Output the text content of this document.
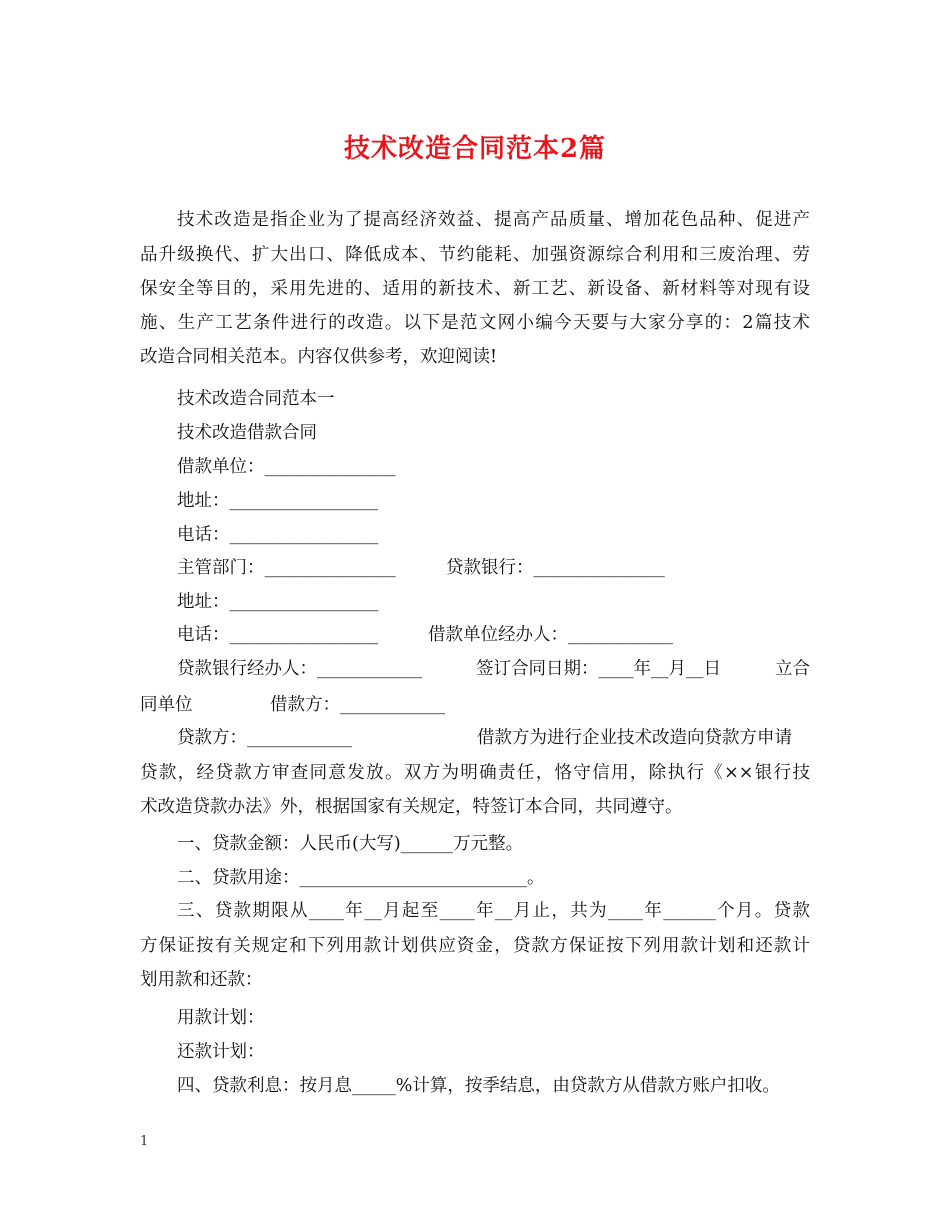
技术改造合同范本2篇
技术改造是指企业为了提高经济效益、提高产品质量、增加花色品种、促进产
品升级换代、扩大出口、降低成本、节约能耗、加强资源综合利用和三废治理、劳
保安全等目的，采用先进的、适用的新技术、新工艺、新设备、新材料等对现有设
施、生产工艺条件进行的改造。以下是范文网小编今天要与大家分享的：2篇技术
改造合同相关范本。内容仅供参考，欢迎阅读!
技术改造合同范本一
技术改造借款合同
借款单位：_______________
地址：_________________
电话：_________________
主管部门：_______________	贷款银行：_______________
地址：_________________
电话：_________________	借款单位经办人：____________
贷款银行经办人：____________	签订合同日期：____年__月__日	立合
同单位	借款方：____________
贷款方：____________	借款方为进行企业技术改造向贷款方申请
贷款，经贷款方审查同意发放。双方为明确责任，恪守信用，除执行《××银行技
术改造贷款办法》外，根据国家有关规定，特签订本合同，共同遵守。
一、贷款金额：人民币(大写)______万元整。
二、贷款用途：__________________________。
三、贷款期限从____年__月起至____年__月止，共为____年______个月。贷款
方保证按有关规定和下列用款计划供应资金，贷款方保证按下列用款计划和还款计
划用款和还款：
用款计划：
还款计划：
四、贷款利息：按月息_____%计算，按季结息，由贷款方从借款方账户扣收。
1
